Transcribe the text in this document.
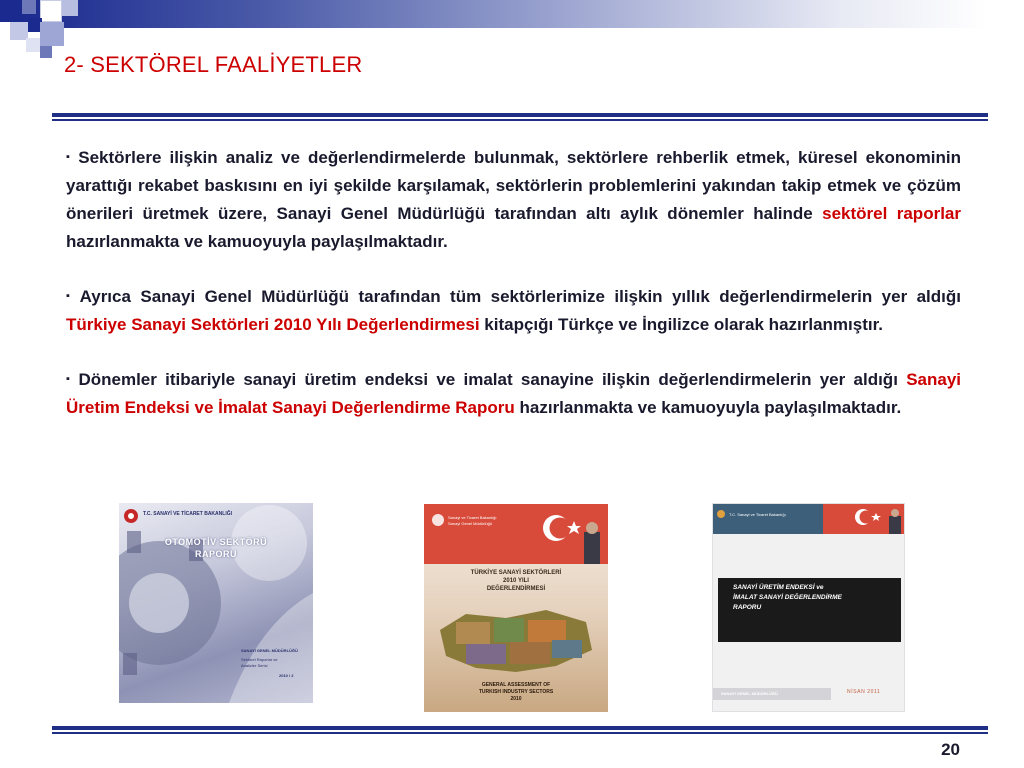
2- SEKTÖREL FAALİYETLER

▪ Sektörlere ilişkin analiz ve değerlendirmelerde bulunmak, sektörlere rehberlik etmek, küresel ekonominin yarattığı rekabet baskısını en iyi şekilde karşılamak, sektörlerin problemlerini yakından takip etmek ve çözüm önerileri üretmek üzere, Sanayi Genel Müdürlüğü tarafından altı aylık dönemler halinde sektörel raporlar hazırlanmakta ve kamuoyuyla paylaşılmaktadır.

▪ Ayrıca Sanayi Genel Müdürlüğü tarafından tüm sektörlerimize ilişkin yıllık değerlendirmelerin yer aldığı Türkiye Sanayi Sektörleri 2010 Yılı Değerlendirmesi kitapçığı Türkçe ve İngilizce olarak hazırlanmıştır.

▪ Dönemler itibariyle sanayi üretim endeksi ve imalat sanayine ilişkin değerlendirmelerin yer aldığı Sanayi Üretim Endeksi ve İmalat Sanayi Değerlendirme Raporu hazırlanmakta ve kamuoyuyla paylaşılmaktadır.

T.C. SANAYİ VE TİCARET BAKANLIĞI
OTOMOTİV SEKTÖRÜ
RAPORU
SANAYİ GENEL MÜDÜRLÜĞÜ
Sektörel Raporlar ve
Analizler Serisi
2010 / 2
Sanayi ve Ticaret Bakanlığı
Sanayi Genel Müdürlüğü
TÜRKİYE SANAYİ SEKTÖRLERİ
2010 YILI
DEĞERLENDİRMESİ
GENERAL ASSESSMENT OF
TURKISH INDUSTRY SECTORS
2010
T.C. Sanayi ve Ticaret Bakanlığı
SANAYİ ÜRETİM ENDEKSİ ve
İMALAT SANAYİ DEĞERLENDİRME
RAPORU
SANAYİ GENEL MÜDÜRLÜĞÜ	NİSAN 2011
20
